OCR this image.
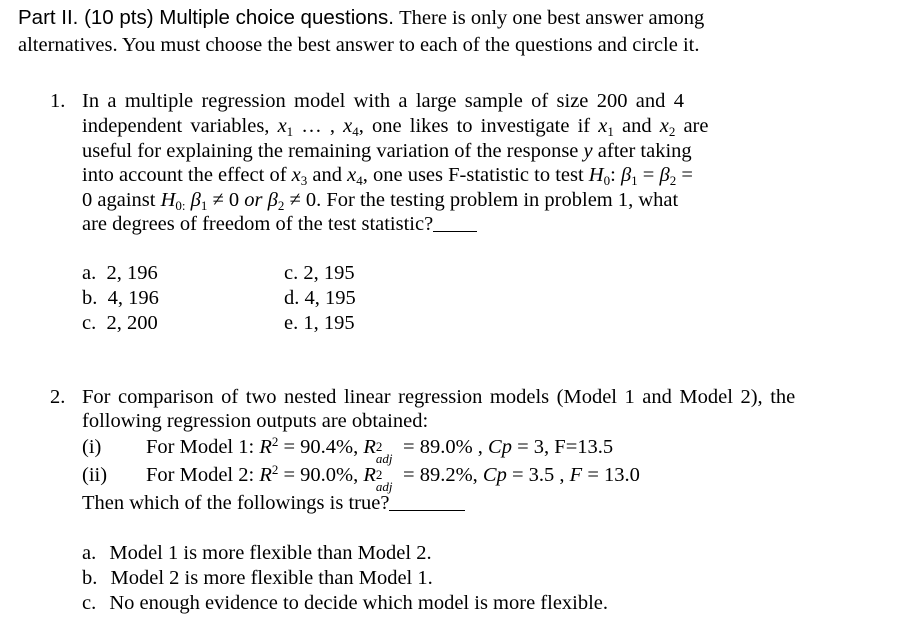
Part II. (10 pts) Multiple choice questions. There is only one best answer among
alternatives. You must choose the best answer to each of the questions and circle it.
1. In a multiple regression model with a large sample of size 200 and 4
independent variables, $x_1$ … , $x_4$, one likes to investigate if $x_1$ and $x_2$ are
useful for explaining the remaining variation of the response y after taking
into account the effect of $x_3$ and $x_4$, one uses F-statistic to test $H_0$: $\beta_1 = \beta_2$ =
0 against $H_{0:}$ $\beta_1 \ne 0$ or $\beta_2 \ne 0$. For the testing problem in problem 1, what
are degrees of freedom of the test statistic?
a. 2, 196
b. 4, 196
c. 2, 200
c. 2, 195
d. 4, 195
e. 1, 195
2. For comparison of two nested linear regression models (Model 1 and Model 2), the
following regression outputs are obtained:
(i) For Model 1: $R^2 = 90.4\%$, R 2
adj
= 89.0% , Cp = 3, F=13.5
(ii) For Model 2: $R^2 = 90.0\%$, R 2
adj
= 89.2%, Cp = 3.5 , F = 13.0
Then which of the followings is true?
a. Model 1 is more flexible than Model 2.
b. Model 2 is more flexible than Model 1.
c. No enough evidence to decide which model is more flexible.
